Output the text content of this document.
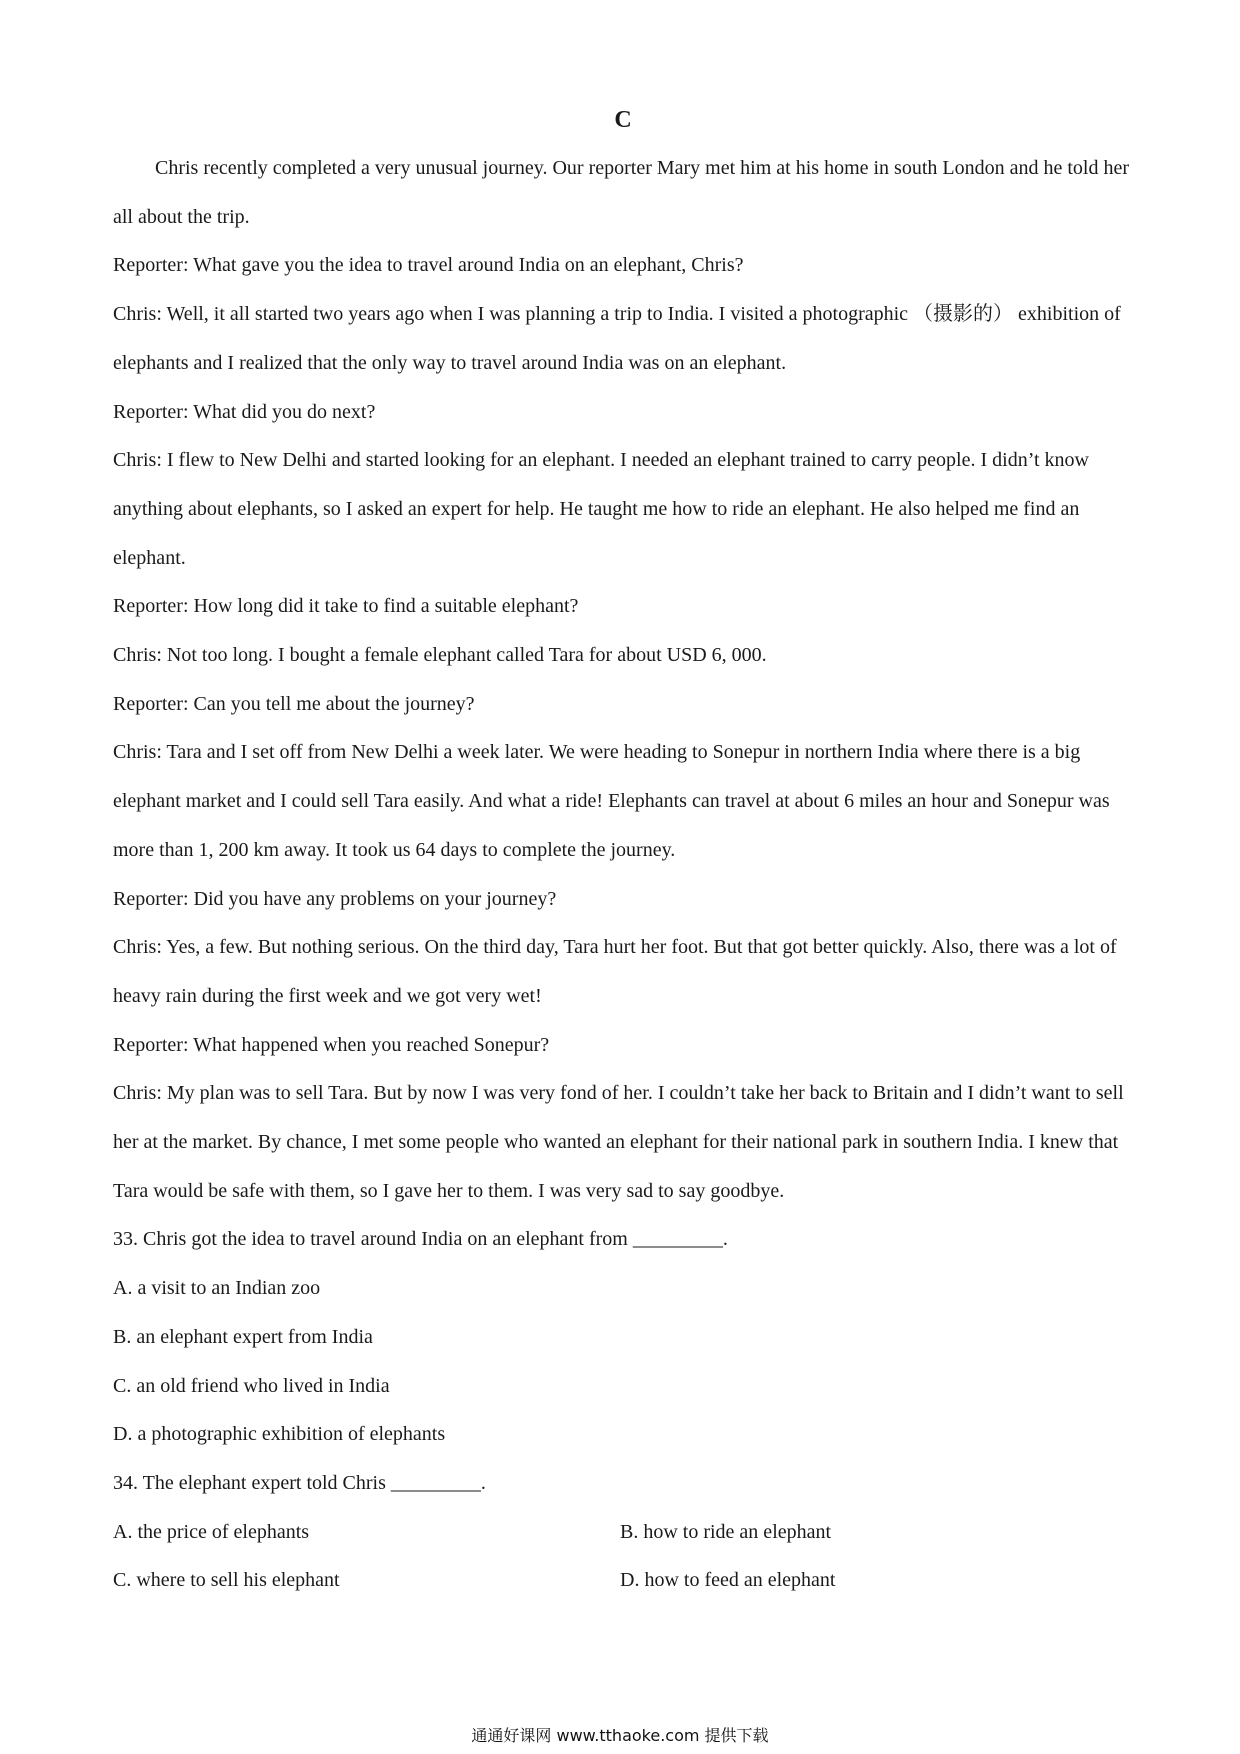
C

Chris recently completed a very unusual journey. Our reporter Mary met him at his home in south London and he told her all about the trip.

Reporter: What gave you the idea to travel around India on an elephant, Chris?

Chris: Well, it all started two years ago when I was planning a trip to India. I visited a photographic （摄影的） exhibition of elephants and I realized that the only way to travel around India was on an elephant.

Reporter: What did you do next?

Chris: I flew to New Delhi and started looking for an elephant. I needed an elephant trained to carry people. I didn’t know anything about elephants, so I asked an expert for help. He taught me how to ride an elephant. He also helped me find an elephant.

Reporter: How long did it take to find a suitable elephant?

Chris: Not too long. I bought a female elephant called Tara for about USD 6, 000.

Reporter: Can you tell me about the journey?

Chris: Tara and I set off from New Delhi a week later. We were heading to Sonepur in northern India where there is a big elephant market and I could sell Tara easily. And what a ride! Elephants can travel at about 6 miles an hour and Sonepur was more than 1, 200 km away. It took us 64 days to complete the journey.

Reporter: Did you have any problems on your journey?

Chris: Yes, a few. But nothing serious. On the third day, Tara hurt her foot. But that got better quickly. Also, there was a lot of heavy rain during the first week and we got very wet!

Reporter: What happened when you reached Sonepur?

Chris: My plan was to sell Tara. But by now I was very fond of her. I couldn’t take her back to Britain and I didn’t want to sell her at the market. By chance, I met some people who wanted an elephant for their national park in southern India. I knew that Tara would be safe with them, so I gave her to them. I was very sad to say goodbye.

33. Chris got the idea to travel around India on an elephant from _________.

A. a visit to an Indian zoo

B. an elephant expert from India

C. an old friend who lived in India

D. a photographic exhibition of elephants

34. The elephant expert told Chris _________.

A. the price of elephants	B. how to ride an elephant

C. where to sell his elephant	D. how to feed an elephant

通通好课网 www.tthaoke.com 提供下载
